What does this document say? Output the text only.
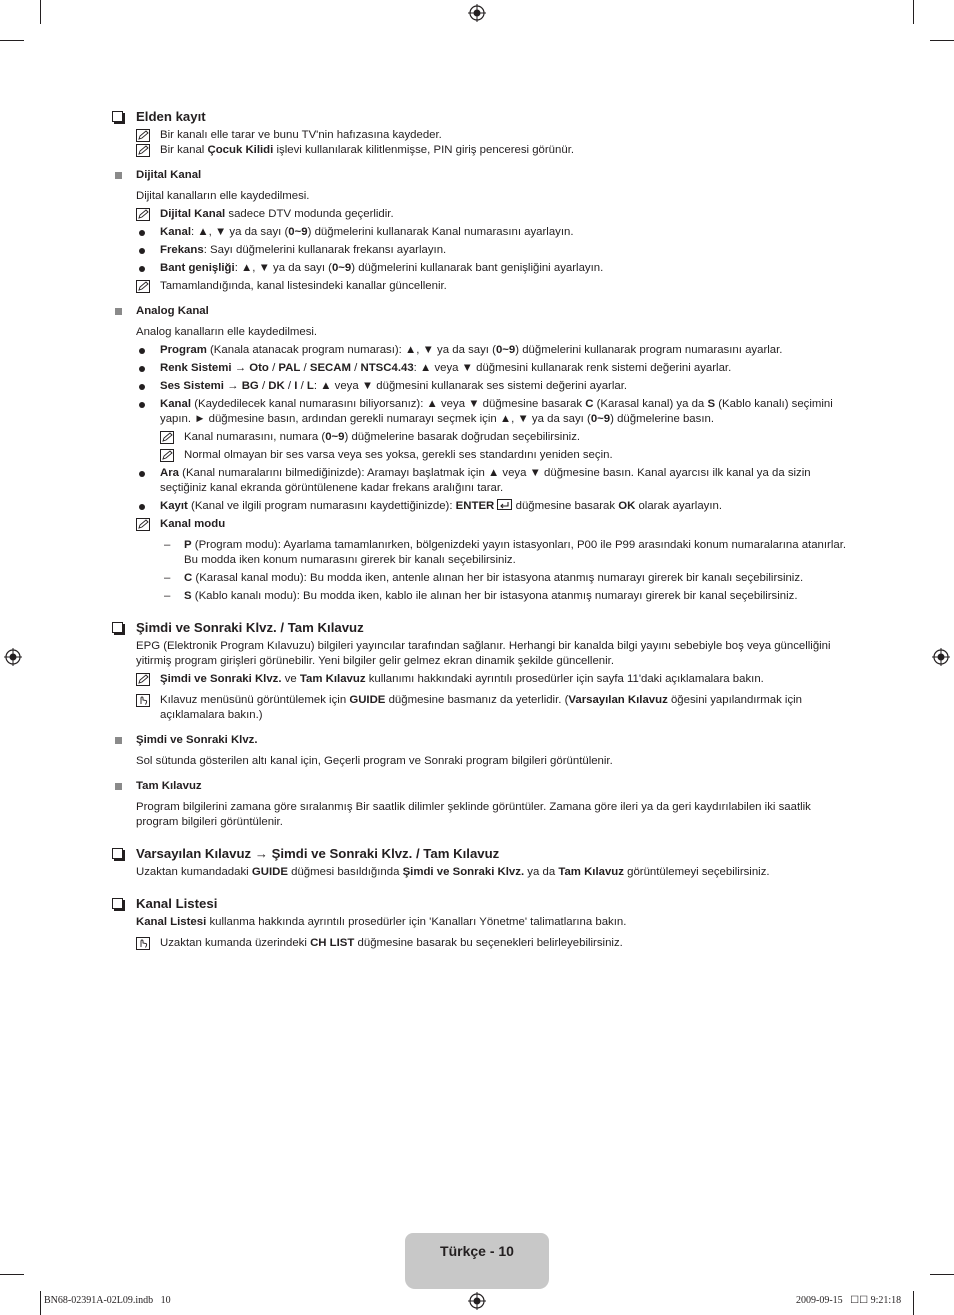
Elden kayıt
Bir kanalı elle tarar ve bunu TV'nin hafızasına kaydeder.
Bir kanal Çocuk Kilidi işlevi kullanılarak kilitlenmişse, PIN giriş penceresi görünür.
Dijital Kanal
Dijital kanalların elle kaydedilmesi.
Dijital Kanal sadece DTV modunda geçerlidir.
Kanal: ▲, ▼ ya da sayı (0~9) düğmelerini kullanarak Kanal numarasını ayarlayın.
Frekans: Sayı düğmelerini kullanarak frekansı ayarlayın.
Bant genişliği: ▲, ▼ ya da sayı (0~9) düğmelerini kullanarak bant genişliğini ayarlayın.
Tamamlandığında, kanal listesindeki kanallar güncellenir.
Analog Kanal
Analog kanalların elle kaydedilmesi.
Program (Kanala atanacak program numarası): ▲, ▼ ya da sayı (0~9) düğmelerini kullanarak program numarasını ayarlar.
Renk Sistemi → Oto / PAL / SECAM / NTSC4.43: ▲ veya ▼ düğmesini kullanarak renk sistemi değerini ayarlar.
Ses Sistemi → BG / DK / I / L: ▲ veya ▼ düğmesini kullanarak ses sistemi değerini ayarlar.
Kanal (Kaydedilecek kanal numarasını biliyorsanız): ▲ veya ▼ düğmesine basarak C (Karasal kanal) ya da S (Kablo kanalı) seçimini yapın. ► düğmesine basın, ardından gerekli numarayı seçmek için ▲, ▼ ya da sayı (0~9) düğmelerine basın.
Kanal numarasını, numara (0~9) düğmelerine basarak doğrudan seçebilirsiniz.
Normal olmayan bir ses varsa veya ses yoksa, gerekli ses standardını yeniden seçin.
Ara (Kanal numaralarını bilmediğinizde): Aramayı başlatmak için ▲ veya ▼ düğmesine basın. Kanal ayarcısı ilk kanal ya da sizin seçtiğiniz kanal ekranda görüntülenene kadar frekans aralığını tarar.
Kayıt (Kanal ve ilgili program numarasını kaydettiğinizde): ENTER  düğmesine basarak OK olarak ayarlayın.
Kanal modu
– P (Program modu): Ayarlama tamamlanırken, bölgenizdeki yayın istasyonları, P00 ile P99 arasındaki konum numaralarına atanırlar. Bu modda iken konum numarasını girerek bir kanalı seçebilirsiniz.
– C (Karasal kanal modu): Bu modda iken, antenle alınan her bir istasyona atanmış numarayı girerek bir kanalı seçebilirsiniz.
– S (Kablo kanalı modu): Bu modda iken, kablo ile alınan her bir istasyona atanmış numarayı girerek bir kanal seçebilirsiniz.
Şimdi ve Sonraki Klvz. / Tam Kılavuz
EPG (Elektronik Program Kılavuzu) bilgileri yayıncılar tarafından sağlanır. Herhangi bir kanalda bilgi yayını sebebiyle boş veya güncelliğini yitirmiş program girişleri görünebilir. Yeni bilgiler gelir gelmez ekran dinamik şekilde güncellenir.
Şimdi ve Sonraki Klvz. ve Tam Kılavuz kullanımı hakkındaki ayrıntılı prosedürler için sayfa 11'daki açıklamalara bakın.
Kılavuz menüsünü görüntülemek için GUIDE düğmesine basmanız da yeterlidir. (Varsayılan Kılavuz öğesini yapılandırmak için açıklamalara bakın.)
Şimdi ve Sonraki Klvz.
Sol sütunda gösterilen altı kanal için, Geçerli program ve Sonraki program bilgileri görüntülenir.
Tam Kılavuz
Program bilgilerini zamana göre sıralanmış Bir saatlik dilimler şeklinde görüntüler. Zamana göre ileri ya da geri kaydırılabilen iki saatlik program bilgileri görüntülenir.
Varsayılan Kılavuz → Şimdi ve Sonraki Klvz. / Tam Kılavuz
Uzaktan kumandadaki GUIDE düğmesi basıldığında Şimdi ve Sonraki Klvz. ya da Tam Kılavuz görüntülemeyi seçebilirsiniz.
Kanal Listesi
Kanal Listesi kullanma hakkında ayrıntılı prosedürler için 'Kanalları Yönetme' talimatlarına bakın.
Uzaktan kumanda üzerindeki CH LIST düğmesine basarak bu seçenekleri belirleyebilirsiniz.
Türkçe - 10
BN68-02391A-02L09.indb   10	2009-09-15   ☐☐ 9:21:18
